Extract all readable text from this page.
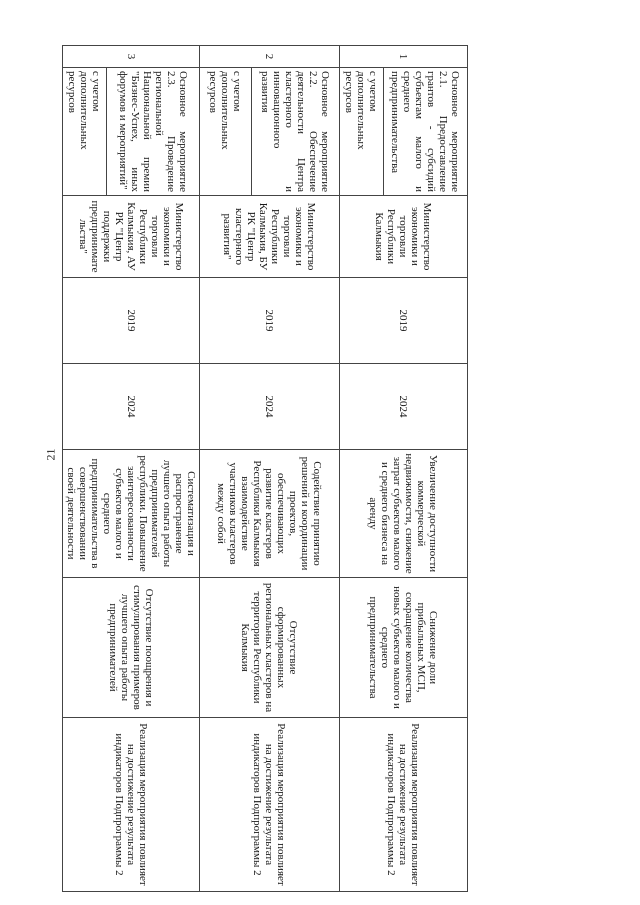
21
1	Основное мероприятие 2.1. Предоставление грантов - субсидий субъектам малого и среднего предпринимательства	Министерство экономики и торговли Республики Калмыкия	2019	2024	Увеличение доступности коммерческой недвижимости, снижение затрат субъектов малого и среднего бизнеса на аренду	Снижение доли прибыльных МСП, сокращение количества новых субъектов малого и среднего предпринимательства	Реализация мероприятия повлияет на достижение результата индикаторов Подпрограммы 2
	с учетом дополнительных ресурсов						
2	Основное мероприятие 2.2. Обеспечение деятельности Центра кластерного и инновационного развития	Министерство экономики и торговли Республики Калмыкия, БУ РК "Центр кластерного развития"	2019	2024	Содействие принятию решений и координации проектов, обеспечивающих развитие кластеров Республики Калмыкия взаимодействие участников кластеров между собой	Отсутствие сформированных региональных кластеров на территории Республики Калмыкия	Реализация мероприятия повлияет на достижение результата индикаторов Подпрограммы 2
	с учетом дополнительных ресурсов						
3	Основное мероприятие 2.3. Проведение региональной Национальной премии "Бизнес-Успех, иных форумов и мероприятий"	Министерство экономики и торговли Республики Калмыкия, АУ РК "Центр поддержки предпринимательства"	2019	2024	Систематизация и распространение лучшего опыта работы предпринимателей республики. Повышение заинтересованности субъектов малого и среднего предпринимательства в совершенствовании своей деятельности	Отсутствие поощрения и стимулирования примеров лучшего опыта работы предпринимателей	Реализация мероприятия повлияет на достижение результата индикаторов Подпрограммы 2
	с учетом дополнительных ресурсов						
